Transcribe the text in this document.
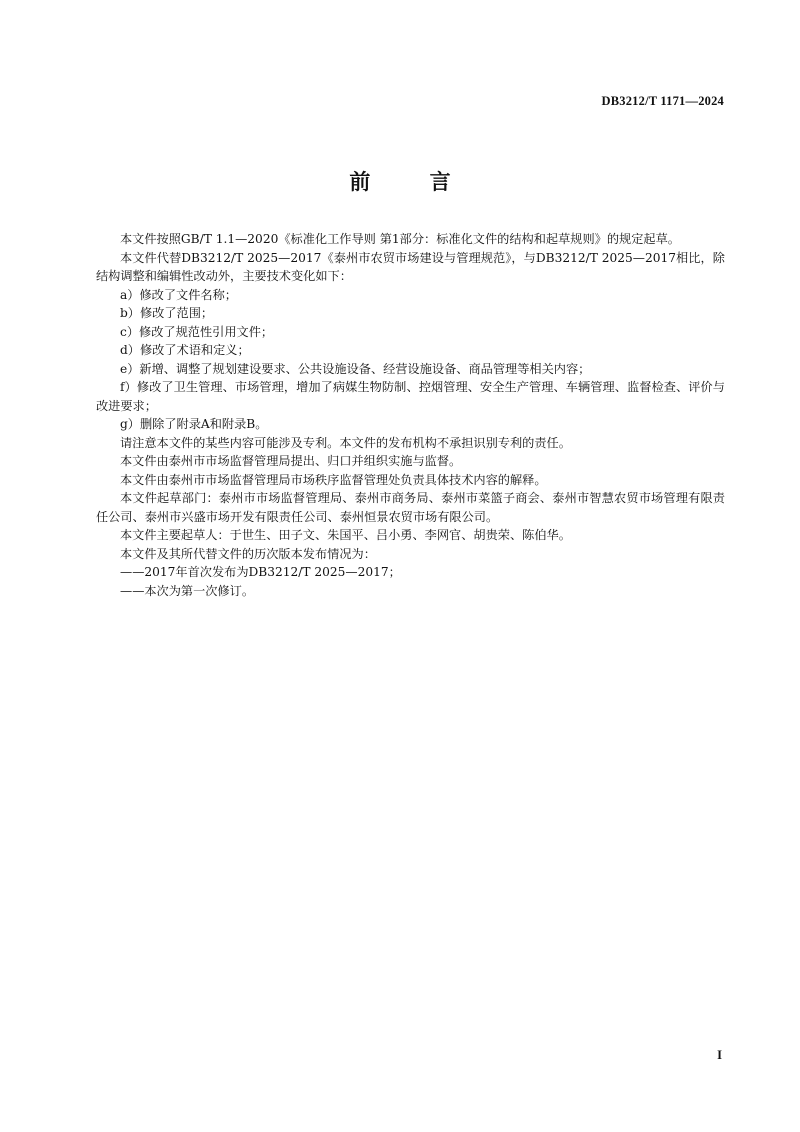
DB3212/T 1171—2024
前 言

本文件按照GB/T 1.1—2020《标准化工作导则 第1部分：标准化文件的结构和起草规则》的规定起草。

本文件代替DB3212/T 2025—2017《泰州市农贸市场建设与管理规范》，与DB3212/T 2025—2017相比，除结构调整和编辑性改动外，主要技术变化如下：

a）修改了文件名称；

b）修改了范围；

c）修改了规范性引用文件；

d）修改了术语和定义；

e）新增、调整了规划建设要求、公共设施设备、经营设施设备、商品管理等相关内容；

f）修改了卫生管理、市场管理，增加了病媒生物防制、控烟管理、安全生产管理、车辆管理、监督检查、评价与改进要求；

g）删除了附录A和附录B。

请注意本文件的某些内容可能涉及专利。本文件的发布机构不承担识别专利的责任。

本文件由泰州市市场监督管理局提出、归口并组织实施与监督。

本文件由泰州市市场监督管理局市场秩序监督管理处负责具体技术内容的解释。

本文件起草部门：泰州市市场监督管理局、泰州市商务局、泰州市菜篮子商会、泰州市智慧农贸市场管理有限责任公司、泰州市兴盛市场开发有限责任公司、泰州恒景农贸市场有限公司。

本文件主要起草人：于世生、田子文、朱国平、吕小勇、李网官、胡贵荣、陈伯华。

本文件及其所代替文件的历次版本发布情况为：

——2017年首次发布为DB3212/T 2025—2017；

——本次为第一次修订。

I
